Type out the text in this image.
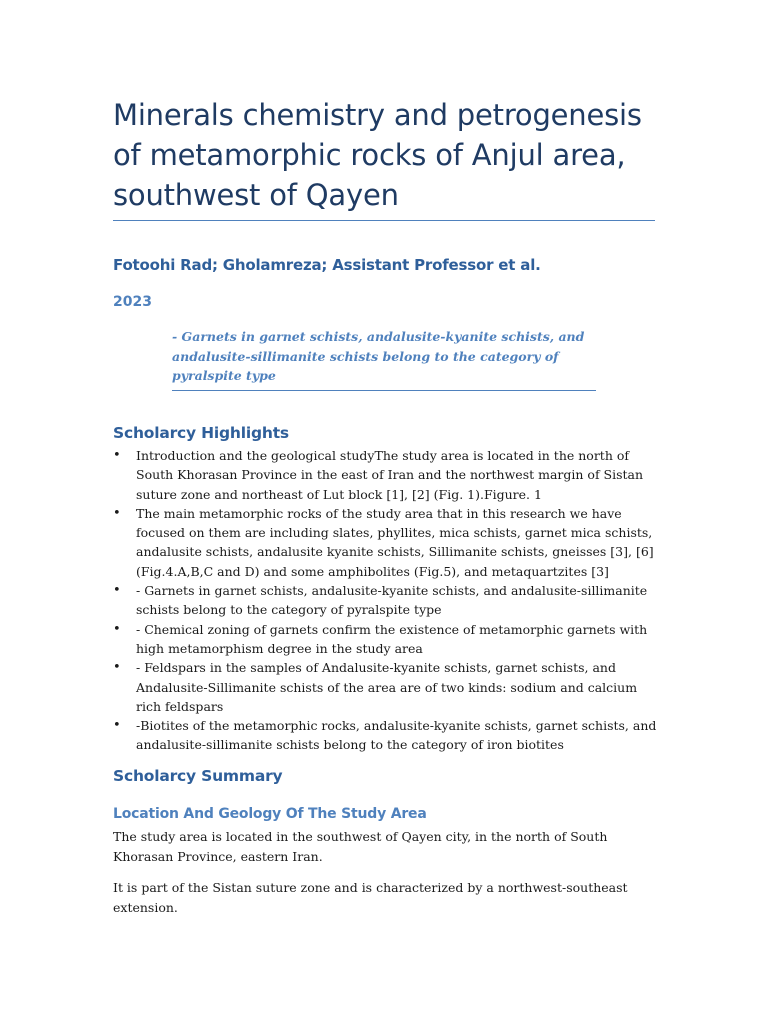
Minerals chemistry and petrogenesis of metamorphic rocks of Anjul area, southwest of Qayen
Fotoohi Rad; Gholamreza; Assistant Professor et al.
2023
- Garnets in garnet schists, andalusite-kyanite schists, and andalusite-sillimanite schists belong to the category of pyralspite type
Scholarcy Highlights
• Introduction and the geological studyThe study area is located in the north of South Khorasan Province in the east of Iran and the northwest margin of Sistan suture zone and northeast of Lut block [1], [2] (Fig. 1).Figure. 1
• The main metamorphic rocks of the study area that in this research we have focused on them are including slates, phyllites, mica schists, garnet mica schists, andalusite schists, andalusite kyanite schists, Sillimanite schists, gneisses [3], [6] (Fig.4.A,B,C and D) and some amphibolites (Fig.5), and metaquartzites [3]
• - Garnets in garnet schists, andalusite-kyanite schists, and andalusite-sillimanite schists belong to the category of pyralspite type
• - Chemical zoning of garnets confirm the existence of metamorphic garnets with high metamorphism degree in the study area
• - Feldspars in the samples of Andalusite-kyanite schists, garnet schists, and Andalusite-Sillimanite schists of the area are of two kinds: sodium and calcium rich feldspars
• -Biotites of the metamorphic rocks, andalusite-kyanite schists, garnet schists, and andalusite-sillimanite schists belong to the category of iron biotites
Scholarcy Summary
Location And Geology Of The Study Area

The study area is located in the southwest of Qayen city, in the north of South Khorasan Province, eastern Iran.

It is part of the Sistan suture zone and is characterized by a northwest-southeast extension.
